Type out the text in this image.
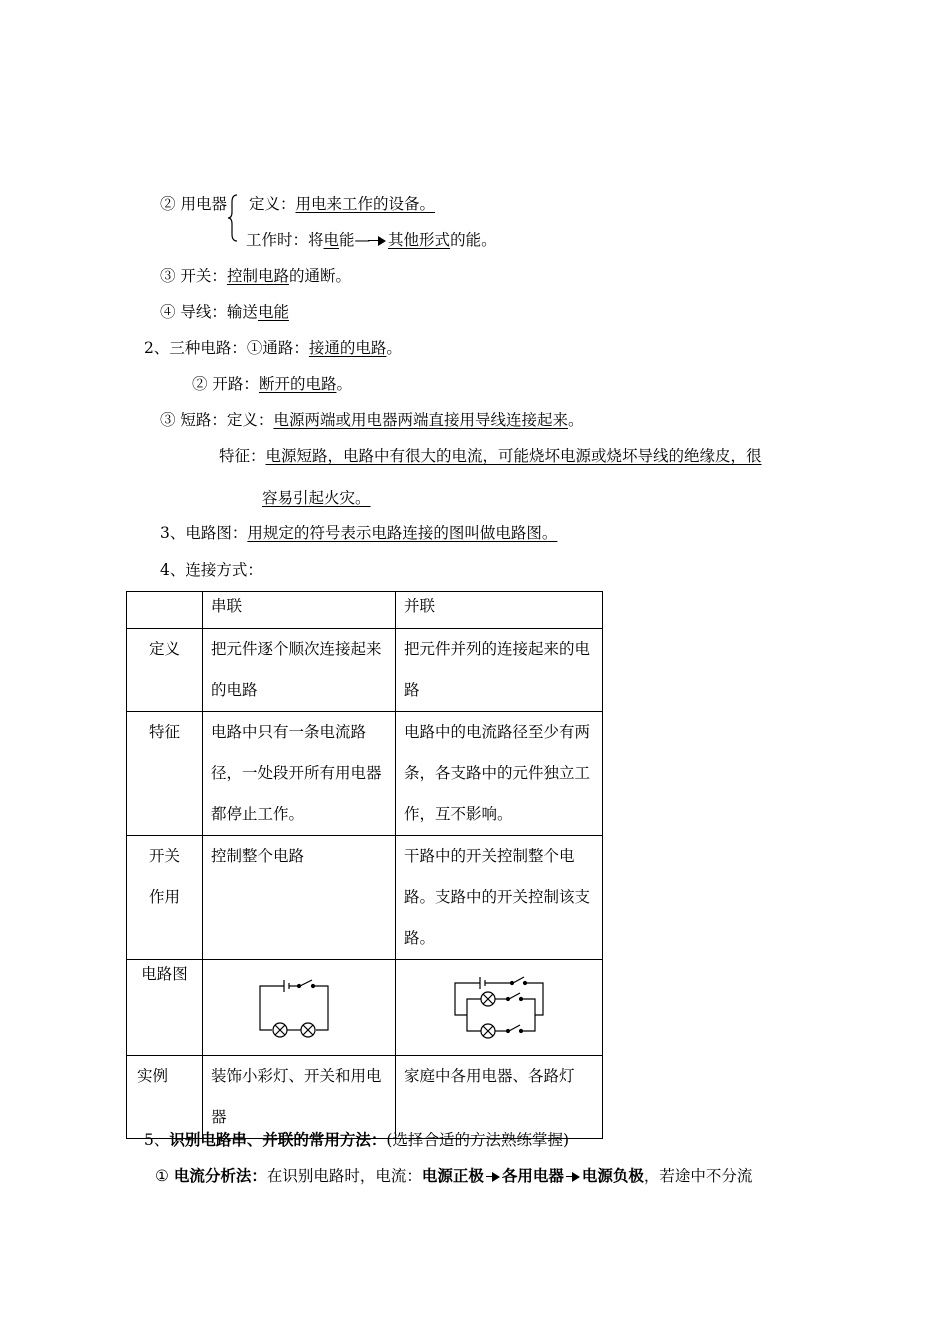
② 用电器 定义：用电来工作的设备。
工作时：将电能— 其他形式的能。
③ 开关：控制电路的通断。
④ 导线：输送电能
2、三种电路：①通路：接通的电路。
② 开路：断开的电路。
③ 短路：定义：电源两端或用电器两端直接用导线连接起来。
特征：电源短路，电路中有很大的电流，可能烧坏电源或烧坏导线的绝缘皮，很
容易引起火灾。
3、电路图：用规定的符号表示电路连接的图叫做电路图。
4、连接方式：
	串联	并联
定义	把元件逐个顺次连接起来的电路	把元件并列的连接起来的电路

特征	电路中只有一条电流路径，一处段开所有用电器都停止工作。	电路中的电流路径至少有两条，各支路中的元件独立工作，互不影响。

开关作用	控制整个电路	干路中的开关控制整个电路。支路中的开关控制该支路。

电路图	

实例	装饰小彩灯、开关和用电器	家庭中各用电器、各路灯
5、识别电路串、并联的常用方法：(选择合适的方法熟练掌握)
① 电流分析法：在识别电路时，电流：电源正极 各用电器 电源负极，若途中不分流
